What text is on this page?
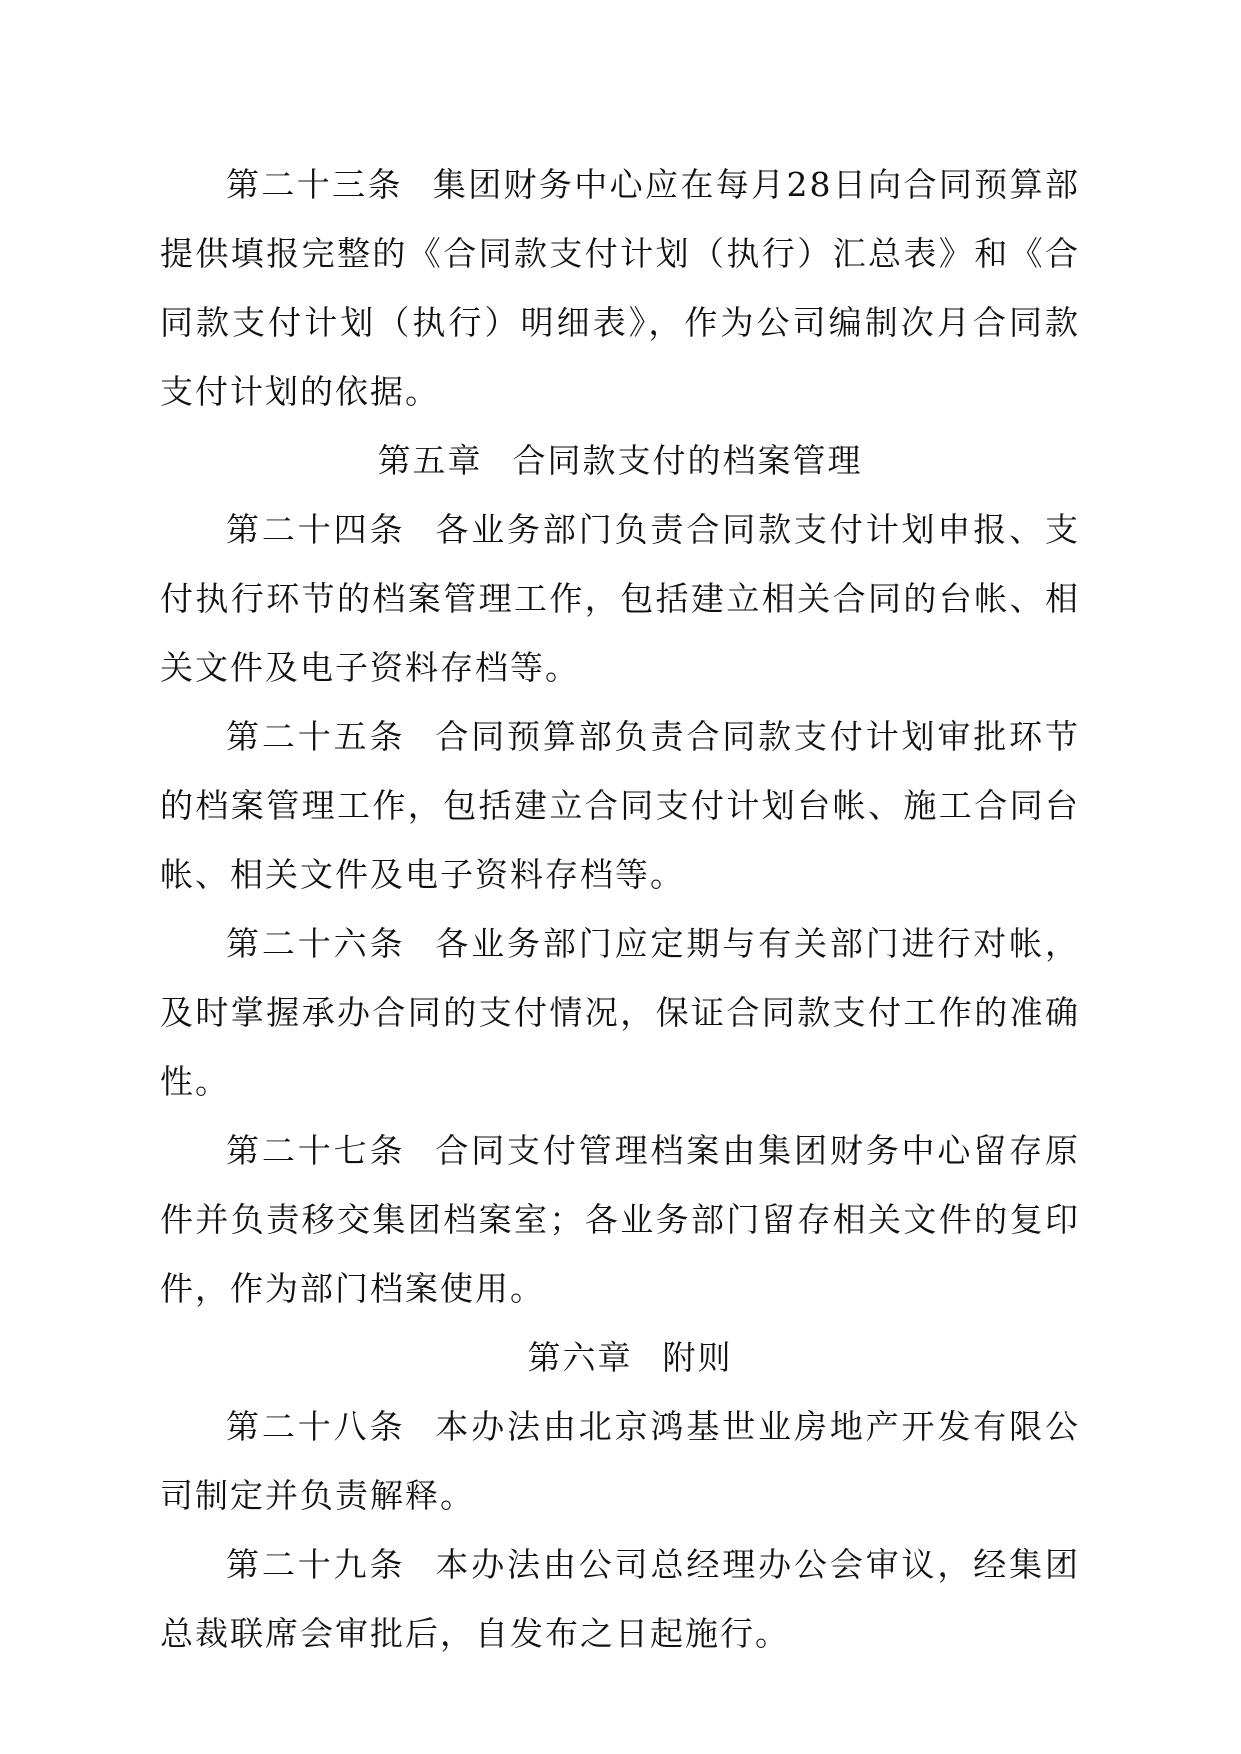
第二十三条 集团财务中心应在每月28日向合同预算部提供填报完整的《合同款支付计划（执行）汇总表》和《合同款支付计划（执行）明细表》，作为公司编制次月合同款支付计划的依据。

第五章 合同款支付的档案管理

第二十四条 各业务部门负责合同款支付计划申报、支付执行环节的档案管理工作，包括建立相关合同的台帐、相关文件及电子资料存档等。

第二十五条 合同预算部负责合同款支付计划审批环节的档案管理工作，包括建立合同支付计划台帐、施工合同台帐、相关文件及电子资料存档等。

第二十六条 各业务部门应定期与有关部门进行对帐，及时掌握承办合同的支付情况，保证合同款支付工作的准确性。

第二十七条 合同支付管理档案由集团财务中心留存原件并负责移交集团档案室；各业务部门留存相关文件的复印件，作为部门档案使用。

第六章 附则

第二十八条 本办法由北京鸿基世业房地产开发有限公司制定并负责解释。

第二十九条 本办法由公司总经理办公会审议，经集团总裁联席会审批后，自发布之日起施行。
